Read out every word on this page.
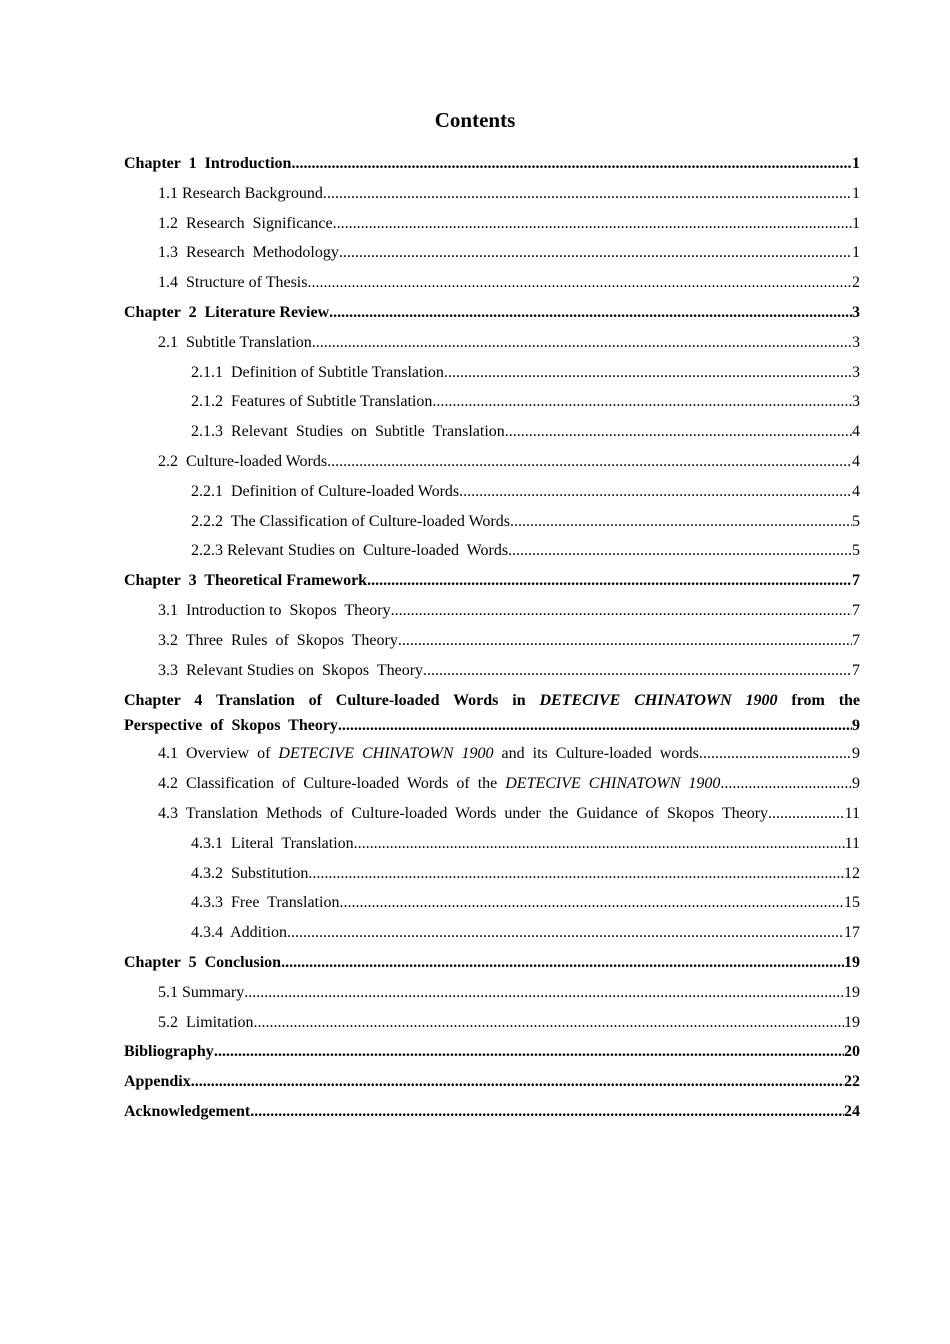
Contents
Chapter  1  Introduction .....	1
1.1 Research Background .....	1
1.2  Research  Significance .....	1
1.3  Research  Methodology .....	1
1.4  Structure of Thesis .....	2
Chapter  2  Literature Review .....	3
2.1  Subtitle Translation .....	3
2.1.1  Definition of Subtitle Translation .....	3
2.1.2  Features of Subtitle Translation .....	3
2.1.3  Relevant  Studies  on  Subtitle  Translation .....	4
2.2  Culture-loaded Words .....	4
2.2.1  Definition of Culture-loaded Words .....	4
2.2.2  The Classification of Culture-loaded Words .....	5
2.2.3 Relevant Studies on  Culture-loaded  Words .....	5
Chapter  3  Theoretical Framework .....	7
3.1  Introduction to  Skopos  Theory .....	7
3.2  Three  Rules  of  Skopos  Theory .....	7
3.3  Relevant Studies on  Skopos  Theory .....	7
Chapter 4 Translation of Culture-loaded Words in DETECIVE CHINATOWN 1900 from the
Perspective  of  Skopos  Theory .....	9
4.1  Overview  of  DETECIVE  CHINATOWN  1900  and  its  Culture-loaded  words .....	9
4.2  Classification  of  Culture-loaded  Words  of  the  DETECIVE  CHINATOWN  1900 .....	9
4.3  Translation  Methods  of  Culture-loaded  Words  under  the  Guidance  of  Skopos  Theory .....	11
4.3.1  Literal  Translation .....	11
4.3.2  Substitution .....	12
4.3.3  Free  Translation .....	15
4.3.4  Addition .....	17
Chapter  5  Conclusion .....	19
5.1 Summary .....	19
5.2  Limitation .....	19
Bibliography .....	20
Appendix .....	22
Acknowledgement .....	24
